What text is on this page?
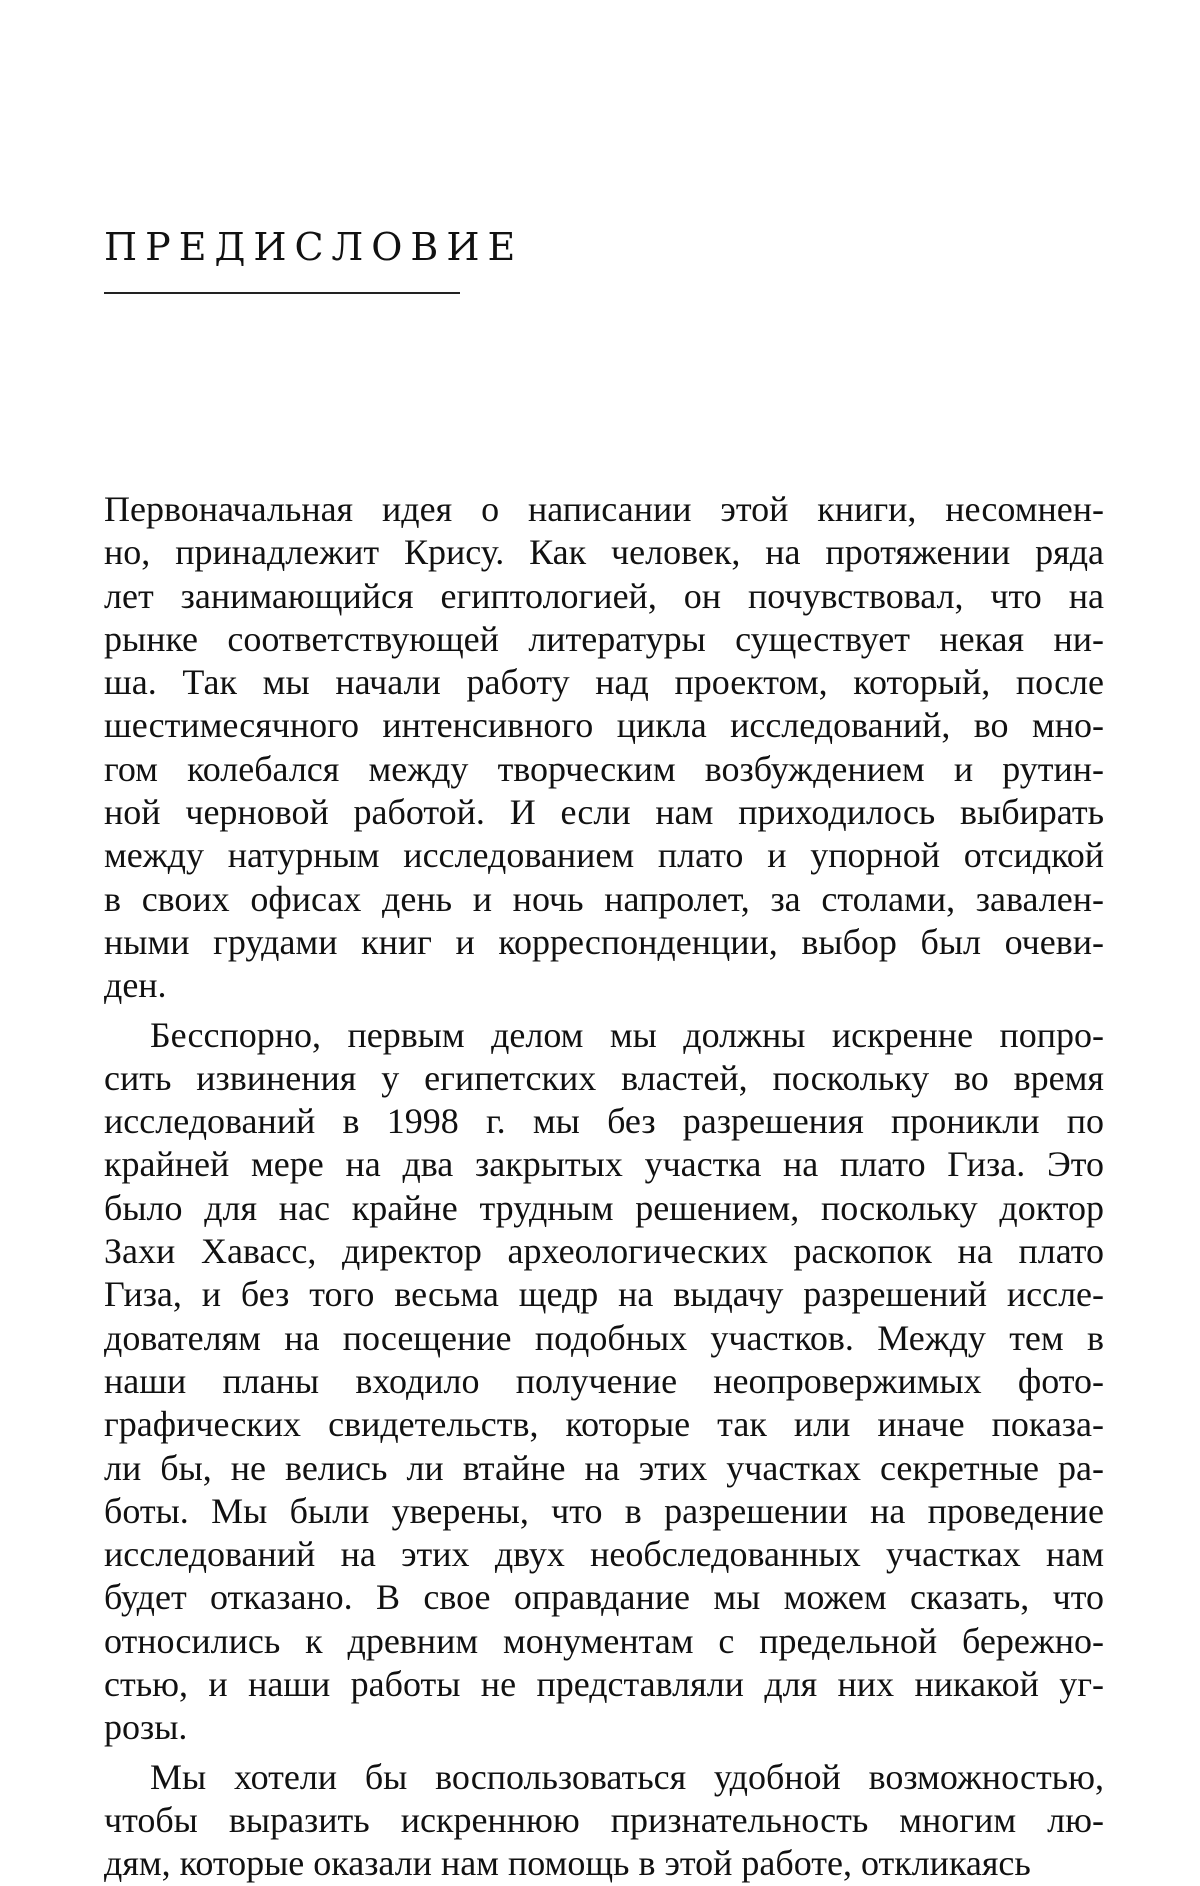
ПРЕДИСЛОВИЕ
Первоначальная идея о написании этой книги, несомнен-
но, принадлежит Крису. Как человек, на протяжении ряда
лет занимающийся египтологией, он почувствовал, что на
рынке соответствующей литературы существует некая ни-
ша. Так мы начали работу над проектом, который, после
шестимесячного интенсивного цикла исследований, во мно-
гом колебался между творческим возбуждением и рутин-
ной черновой работой. И если нам приходилось выбирать
между натурным исследованием плато и упорной отсидкой
в своих офисах день и ночь напролет, за столами, завален-
ными грудами книг и корреспонденции, выбор был очеви-
ден.
Бесспорно, первым делом мы должны искренне попро-
сить извинения у египетских властей, поскольку во время
исследований в 1998 г. мы без разрешения проникли по
крайней мере на два закрытых участка на плато Гиза. Это
было для нас крайне трудным решением, поскольку доктор
Захи Хавасс, директор археологических раскопок на плато
Гиза, и без того весьма щедр на выдачу разрешений иссле-
дователям на посещение подобных участков. Между тем в
наши планы входило получение неопровержимых фото-
графических свидетельств, которые так или иначе показа-
ли бы, не велись ли втайне на этих участках секретные ра-
боты. Мы были уверены, что в разрешении на проведение
исследований на этих двух необследованных участках нам
будет отказано. В свое оправдание мы можем сказать, что
относились к древним монументам с предельной бережно-
стью, и наши работы не представляли для них никакой уг-
розы.
Мы хотели бы воспользоваться удобной возможностью,
чтобы выразить искреннюю признательность многим лю-
дям, которые оказали нам помощь в этой работе, откликаясь
